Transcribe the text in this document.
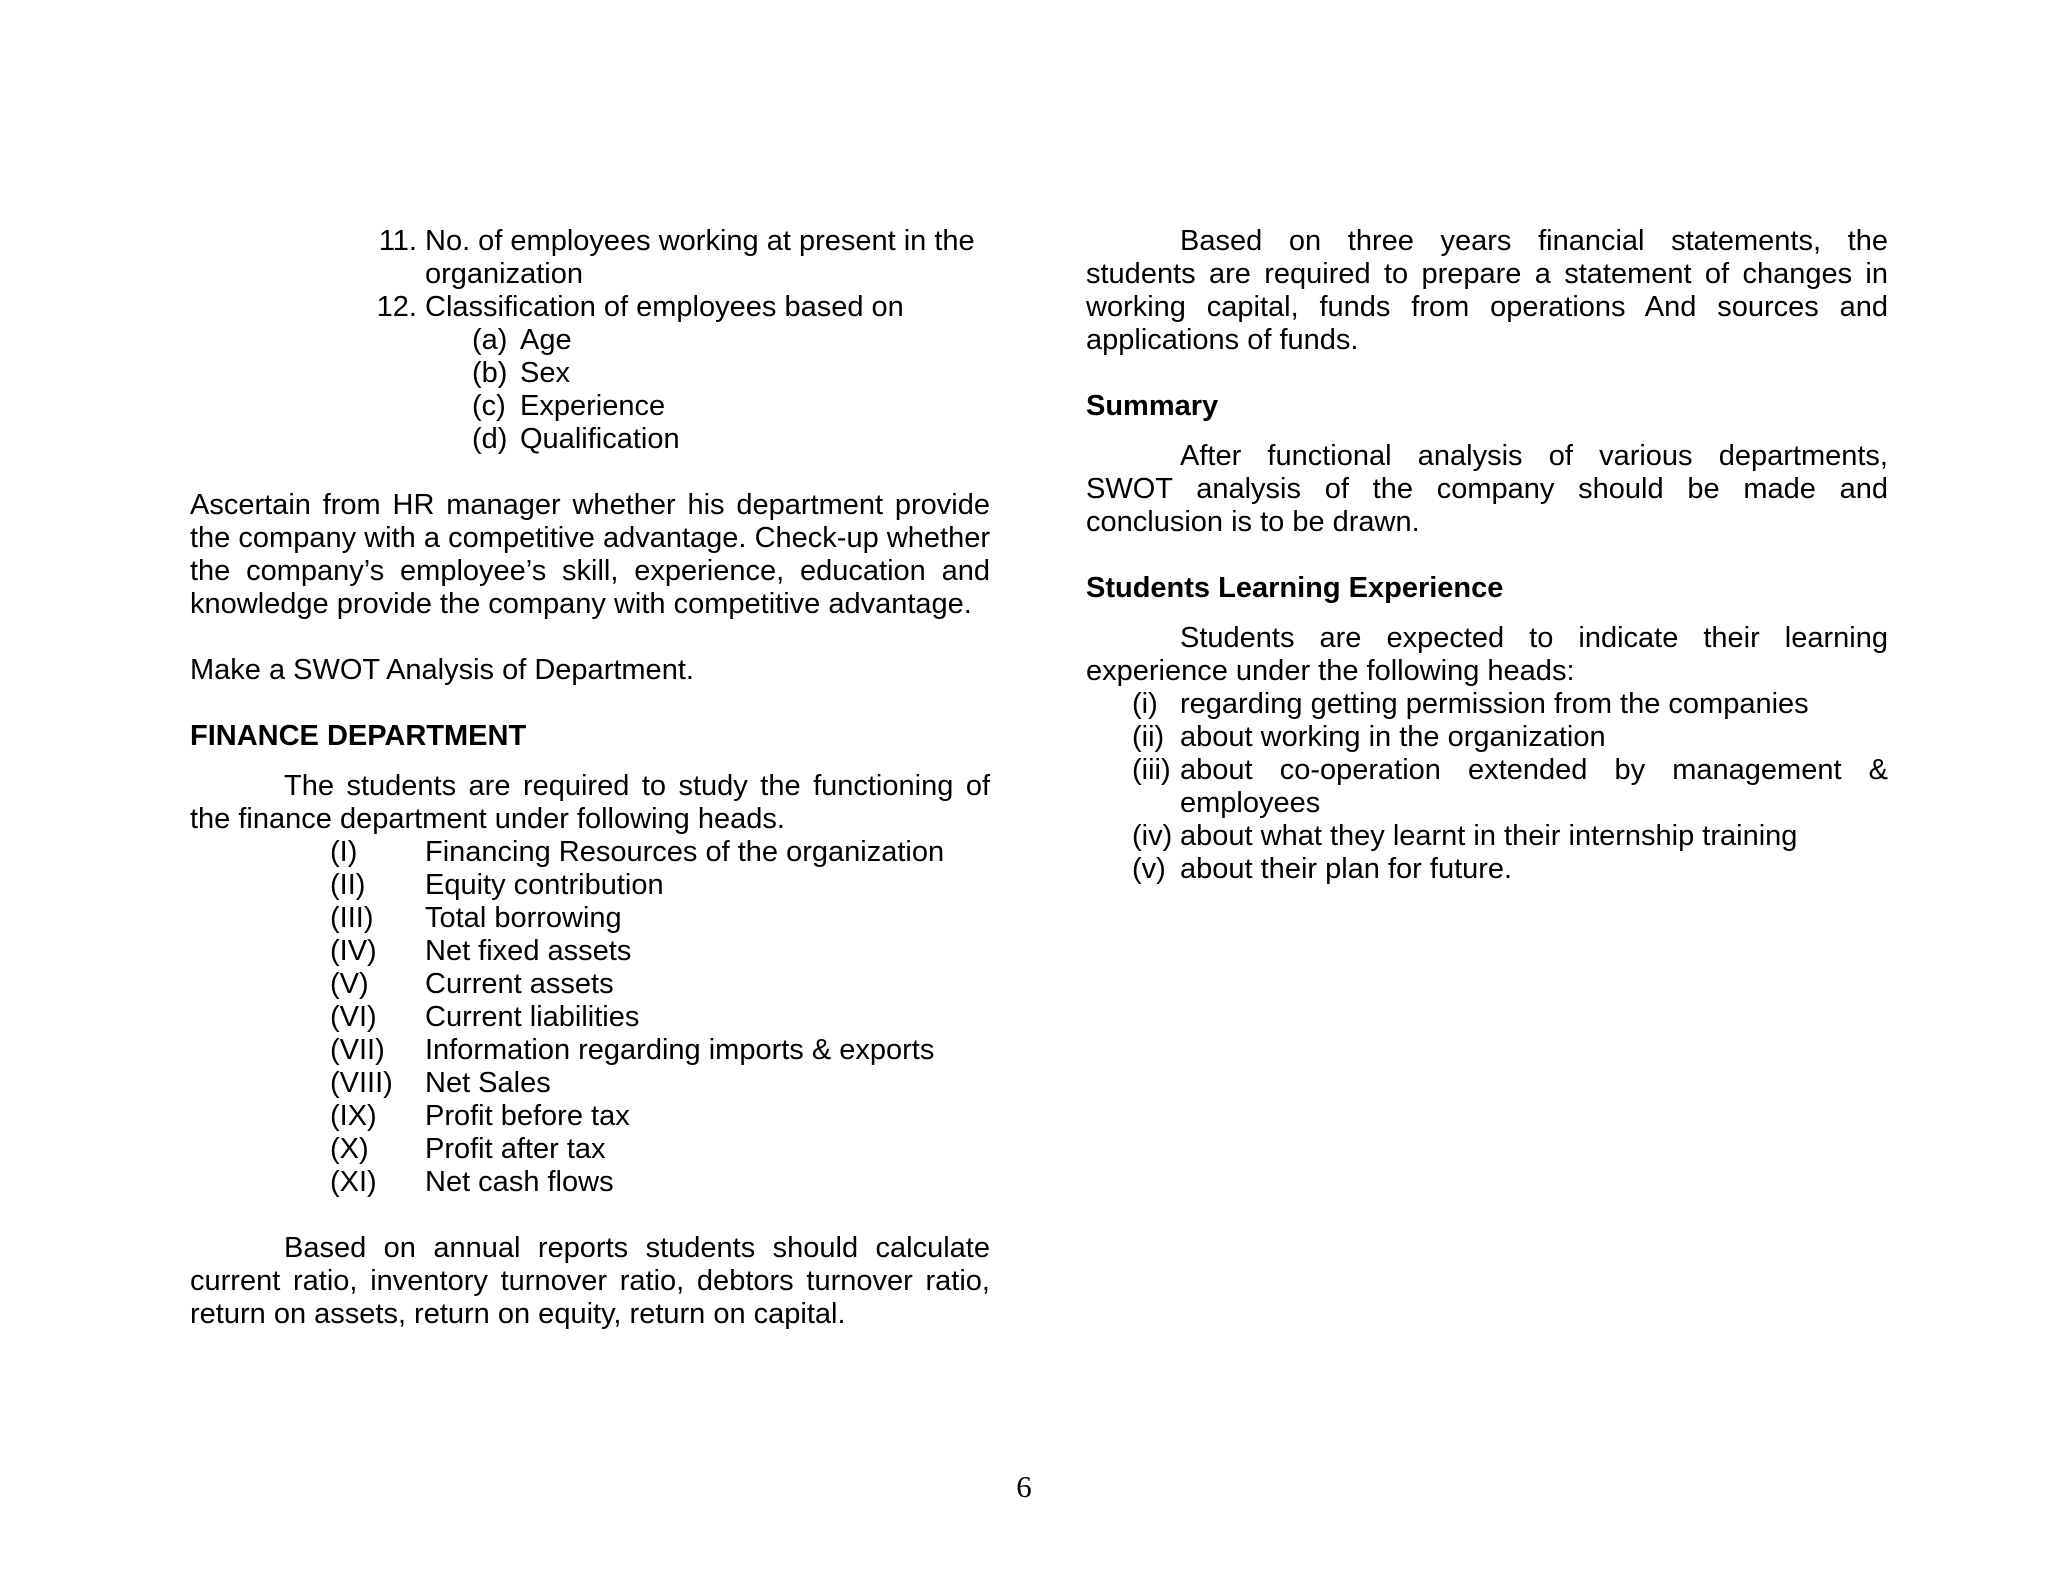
11. No. of employees working at present in the
organization
12. Classification of employees based on
(a) Age
(b) Sex
(c) Experience
(d) Qualification

Ascertain from HR manager whether his department provide the company with a competitive advantage. Check-up whether the company’s employee’s skill, experience, education and knowledge provide the company with competitive advantage.

Make a SWOT Analysis of Department.

FINANCE DEPARTMENT

The students are required to study the functioning of the finance department under following heads.

(I)	Financing Resources of the organization
(II)	Equity contribution
(III)	Total borrowing
(IV)	Net fixed assets
(V)	Current assets
(VI)	Current liabilities
(VII)	Information regarding imports & exports
(VIII)	Net Sales
(IX)	Profit before tax
(X)	Profit after tax
(XI)	Net cash flows

Based on annual reports students should calculate current ratio, inventory turnover ratio, debtors turnover ratio, return on assets, return on equity, return on capital.

Based on three years financial statements, the students are required to prepare a statement of changes in working capital, funds from operations And sources and applications of funds.

Summary

After functional analysis of various departments, SWOT analysis of the company should be made and conclusion is to be drawn.

Students Learning Experience

Students are expected to indicate their learning experience under the following heads:

(i) regarding getting permission from the companies
(ii) about working in the organization
(iii) about co-operation extended by management & employees
(iv) about what they learnt in their internship training
(v) about their plan for future.
6
